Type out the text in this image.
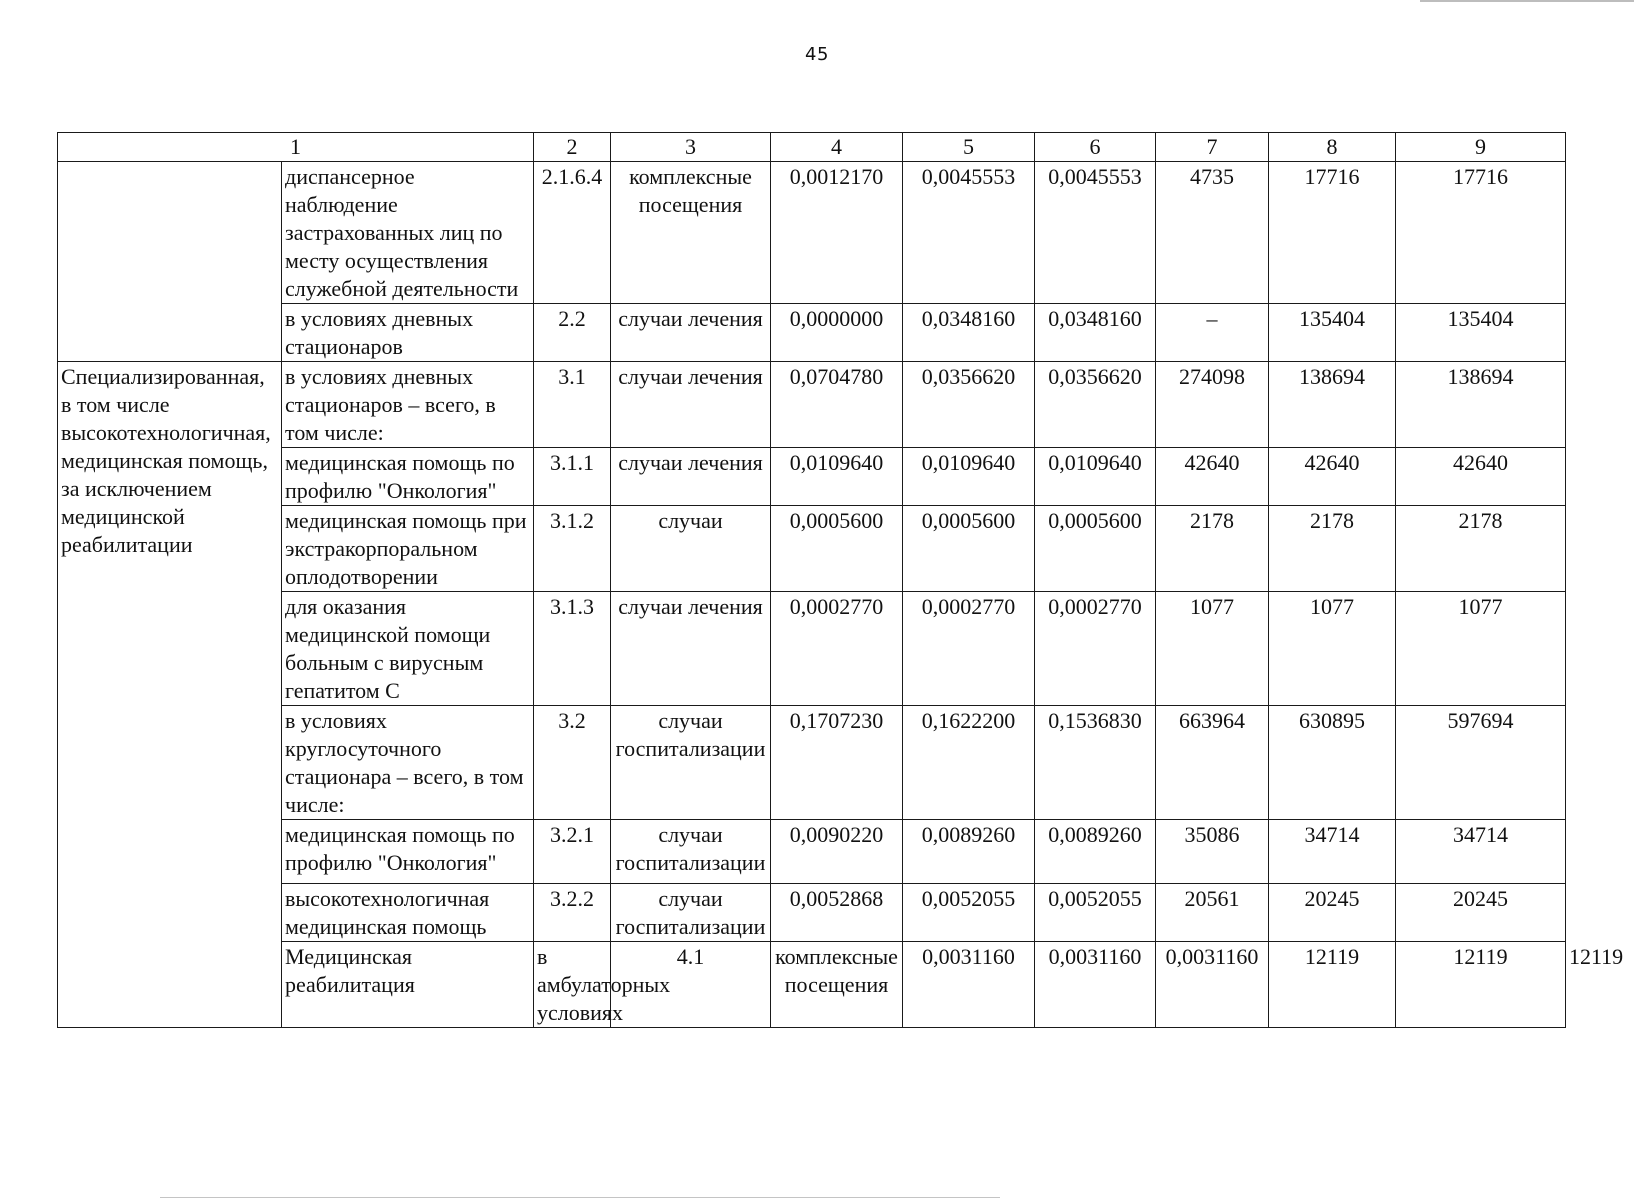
45
1		2	3	4	5	6	7	8	9	
	диспансерное наблюдение застрахованных лиц по месту осуществления служебной деятельности	2.1.6.4	комплексные посещения	0,0012170	0,0045553	0,0045553	4735	17716	17716	
	в условиях дневных стационаров	2.2	случаи лечения	0,0000000	0,0348160	0,0348160	–	135404	135404	
Специализированная, в том числе высокотехнологичная, медицинская помощь, за исключением медицинской реабилитации	в условиях дневных стационаров – всего, в том числе:	3.1	случаи лечения	0,0704780	0,0356620	0,0356620	274098	138694	138694	
	медицинская помощь по профилю "Онкология"	3.1.1	случаи лечения	0,0109640	0,0109640	0,0109640	42640	42640	42640	
	медицинская помощь при экстракорпоральном оплодотворении	3.1.2	случаи	0,0005600	0,0005600	0,0005600	2178	2178	2178	
	для оказания медицинской помощи больным с вирусным гепатитом С	3.1.3	случаи лечения	0,0002770	0,0002770	0,0002770	1077	1077	1077	
	в условиях круглосуточного стационара – всего, в том числе:	3.2	случаи госпитализации	0,1707230	0,1622200	0,1536830	663964	630895	597694	
	медицинская помощь по профилю "Онкология"	3.2.1	случаи госпитализации	0,0090220	0,0089260	0,0089260	35086	34714	34714	
	высокотехнологичная медицинская помощь	3.2.2	случаи госпитализации	0,0052868	0,0052055	0,0052055	20561	20245	20245	
	Медицинская реабилитация	в амбулаторных условиях	4.1	комплексные посещения	0,0031160	0,0031160	0,0031160	12119	12119	12119
